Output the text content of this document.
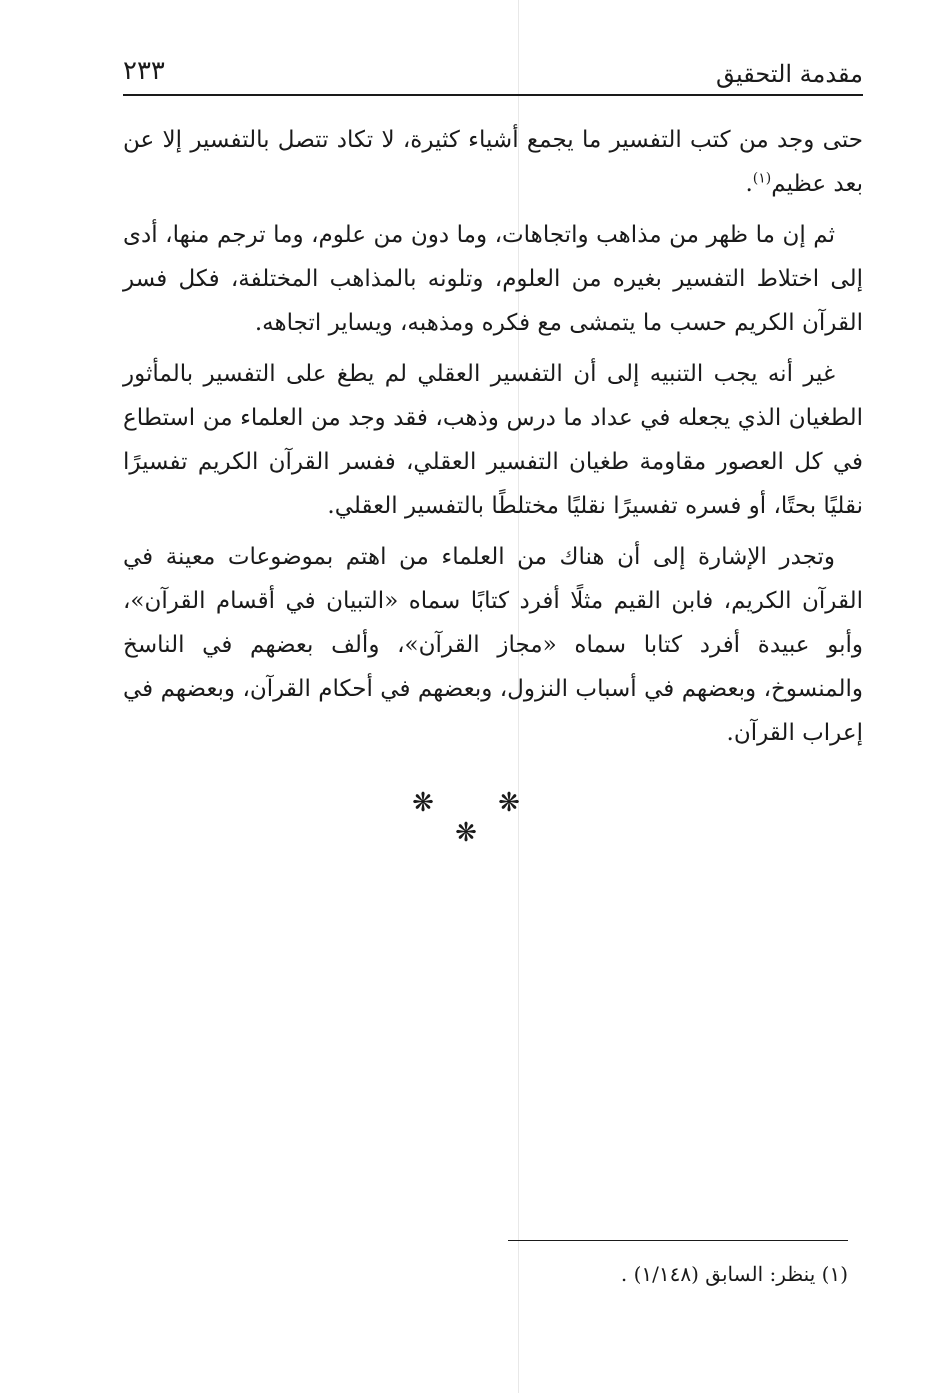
مقدمة التحقيق
٢٣٣

حتى وجد من كتب التفسير ما يجمع أشياء كثيرة، لا تكاد تتصل بالتفسير إلا عن بعد عظيم$^{(١)}$.

ثم إن ما ظهر من مذاهب واتجاهات، وما دون من علوم، وما ترجم منها، أدى إلى اختلاط التفسير بغيره من العلوم، وتلونه بالمذاهب المختلفة، فكل فسر القرآن الكريم حسب ما يتمشى مع فكره ومذهبه، ويساير اتجاهه.

غير أنه يجب التنبيه إلى أن التفسير العقلي لم يطغ على التفسير بالمأثور الطغيان الذي يجعله في عداد ما درس وذهب، فقد وجد من العلماء من استطاع في كل العصور مقاومة طغيان التفسير العقلي، ففسر القرآن الكريم تفسيرًا نقليًا بحتًا، أو فسره تفسيرًا نقليًا مختلطًا بالتفسير العقلي.

وتجدر الإشارة إلى أن هناك من العلماء من اهتم بموضوعات معينة في القرآن الكريم، فابن القيم مثلًا أفرد كتابًا سماه «التبيان في أقسام القرآن»، وأبو عبيدة أفرد كتابا سماه «مجاز القرآن»، وألف بعضهم في الناسخ والمنسوخ، وبعضهم في أسباب النزول، وبعضهم في أحكام القرآن، وبعضهم في إعراب القرآن.

❋ ❋ ❋
(١) ينظر: السابق (١/١٤٨) .
